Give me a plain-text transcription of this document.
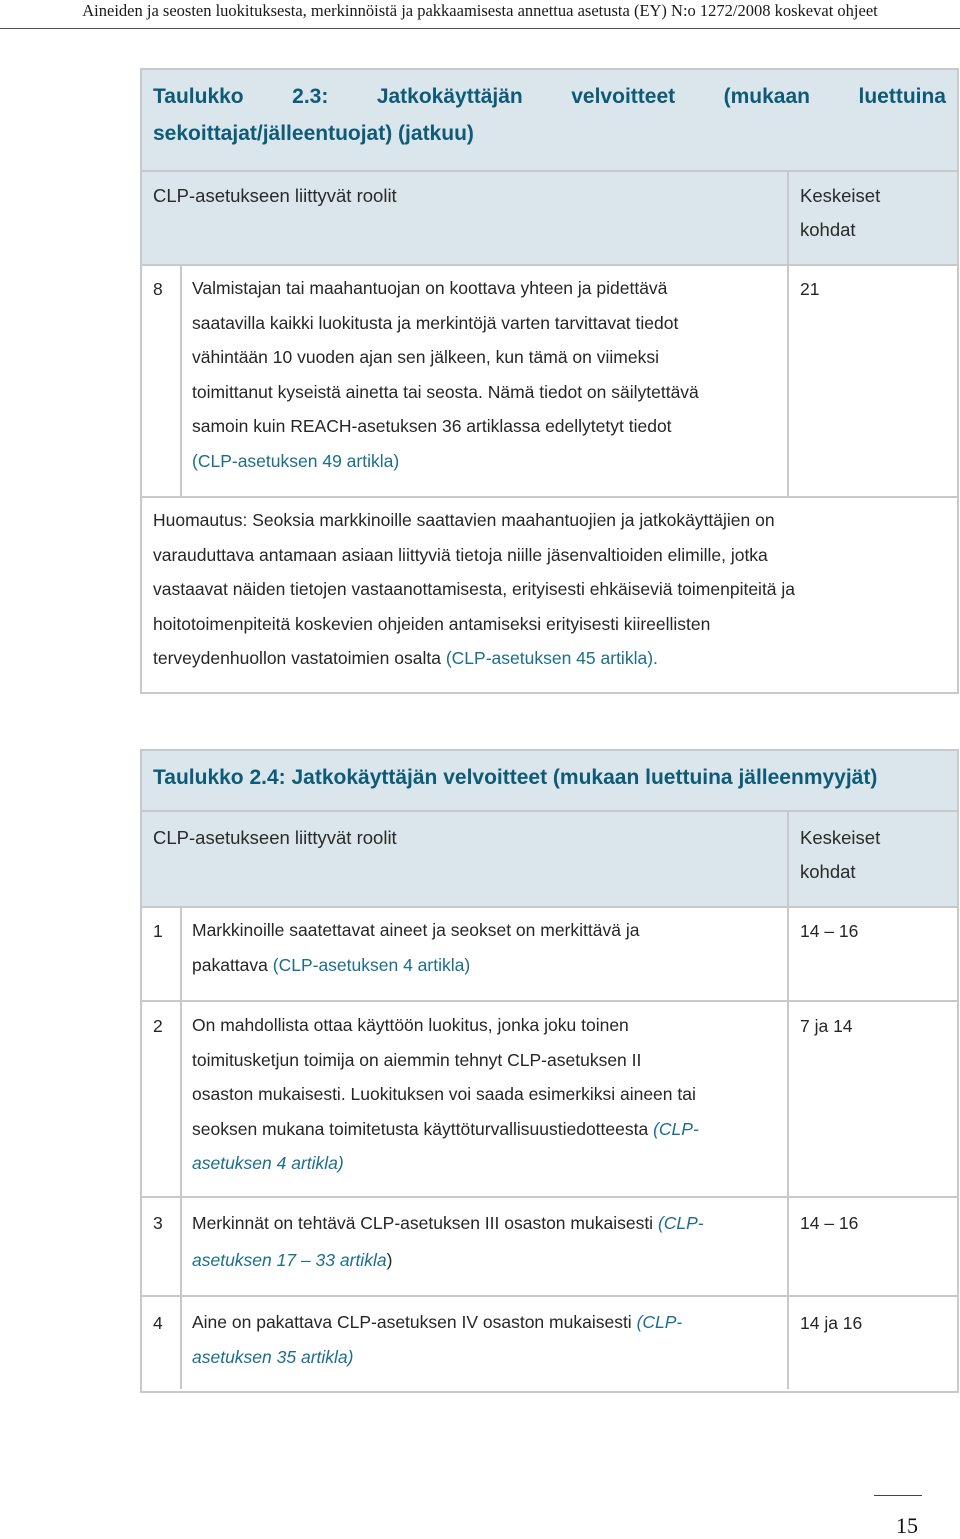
Aineiden ja seosten luokituksesta, merkinnöistä ja pakkaamisesta annettua asetusta (EY) N:o 1272/2008 koskevat ohjeet
Taulukko 2.3: Jatkokäyttäjän velvoitteet (mukaan luettuina
sekoittajat/jälleentuojat) (jatkuu)
CLP-asetukseen liittyvät roolit	Keskeiset
kohdat
8 Valmistajan tai maahantuojan on koottava yhteen ja pidettävä
saatavilla kaikki luokitusta ja merkintöjä varten tarvittavat tiedot
vähintään 10 vuoden ajan sen jälkeen, kun tämä on viimeksi
toimittanut kyseistä ainetta tai seosta. Nämä tiedot on säilytettävä
samoin kuin REACH-asetuksen 36 artiklassa edellytetyt tiedot
(CLP-asetuksen 49 artikla)
21
Huomautus: Seoksia markkinoille saattavien maahantuojien ja jatkokäyttäjien on
varauduttava antamaan asiaan liittyviä tietoja niille jäsenvaltioiden elimille, jotka
vastaavat näiden tietojen vastaanottamisesta, erityisesti ehkäiseviä toimenpiteitä ja
hoitotoimenpiteitä koskevien ohjeiden antamiseksi erityisesti kiireellisten
terveydenhuollon vastatoimien osalta (CLP-asetuksen 45 artikla).
Taulukko 2.4: Jatkokäyttäjän velvoitteet (mukaan luettuina jälleenmyyjät)
CLP-asetukseen liittyvät roolit	Keskeiset
kohdat
1 Markkinoille saatettavat aineet ja seokset on merkittävä ja
pakattava (CLP-asetuksen 4 artikla)
14 – 16
2 On mahdollista ottaa käyttöön luokitus, jonka joku toinen
toimitusketjun toimija on aiemmin tehnyt CLP-asetuksen II
osaston mukaisesti. Luokituksen voi saada esimerkiksi aineen tai
seoksen mukana toimitetusta käyttöturvallisuustiedotteesta (CLP-
asetuksen 4 artikla)
7 ja 14
3 Merkinnät on tehtävä CLP-asetuksen III osaston mukaisesti (CLP-
asetuksen 17 – 33 artikla)
14 – 16
4 Aine on pakattava CLP-asetuksen IV osaston mukaisesti (CLP-
asetuksen 35 artikla)
14 ja 16
15
